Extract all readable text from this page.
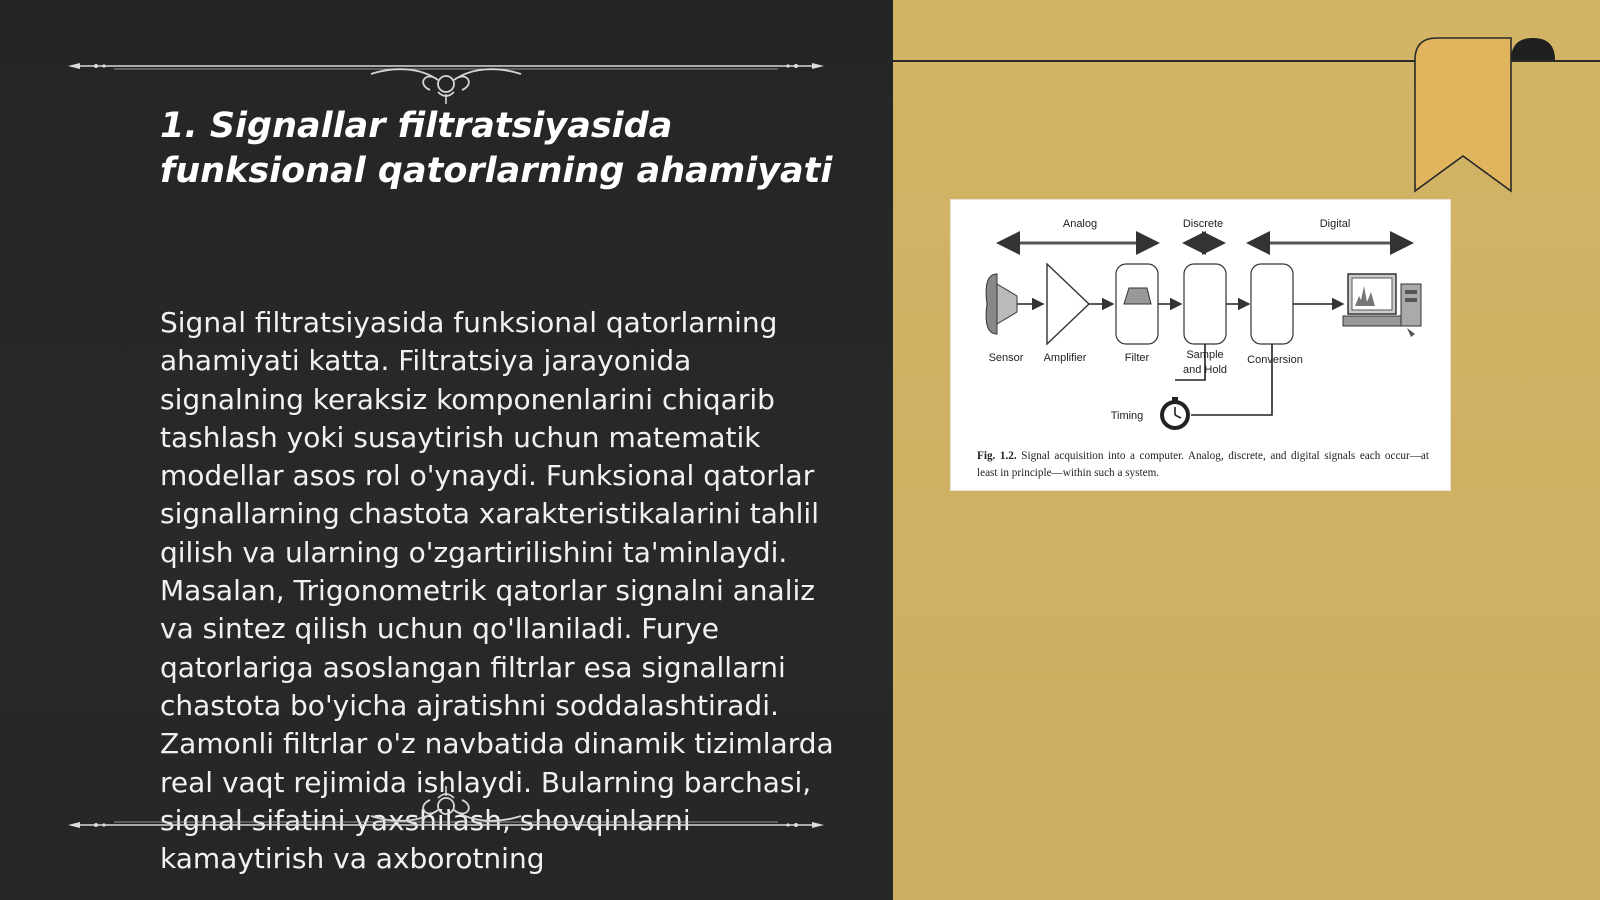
1. Signallar filtratsiyasida funksional qatorlarning ahamiyati

Signal filtratsiyasida funksional qatorlarning ahamiyati katta. Filtratsiya jarayonida signalning keraksiz komponenlarini chiqarib tashlash yoki susaytirish uchun matematik modellar asos rol o'ynaydi. Funksional qatorlar signallarning chastota xarakteristikalarini tahlil qilish va ularning o'zgartirilishini ta'minlaydi. Masalan, Trigonometrik qatorlar signalni analiz va sintez qilish uchun qo'llaniladi. Furye qatorlariga asoslangan filtrlar esa signallarni chastota bo'yicha ajratishni soddalashtiradi. Zamonli filtrlar o'z navbatida dinamik tizimlarda real vaqt rejimida ishlaydi. Bularning barchasi, signal sifatini yaxshilash, shovqinlarni kamaytirish va axborotning

Analog	Discrete	Digital
Sensor Amplifier	Filter	Sample
and Hold
Conversion
Timing
Fig. 1.2. Signal acquisition into a computer. Analog, discrete, and digital signals each occur—at least in principle—within such a system.
